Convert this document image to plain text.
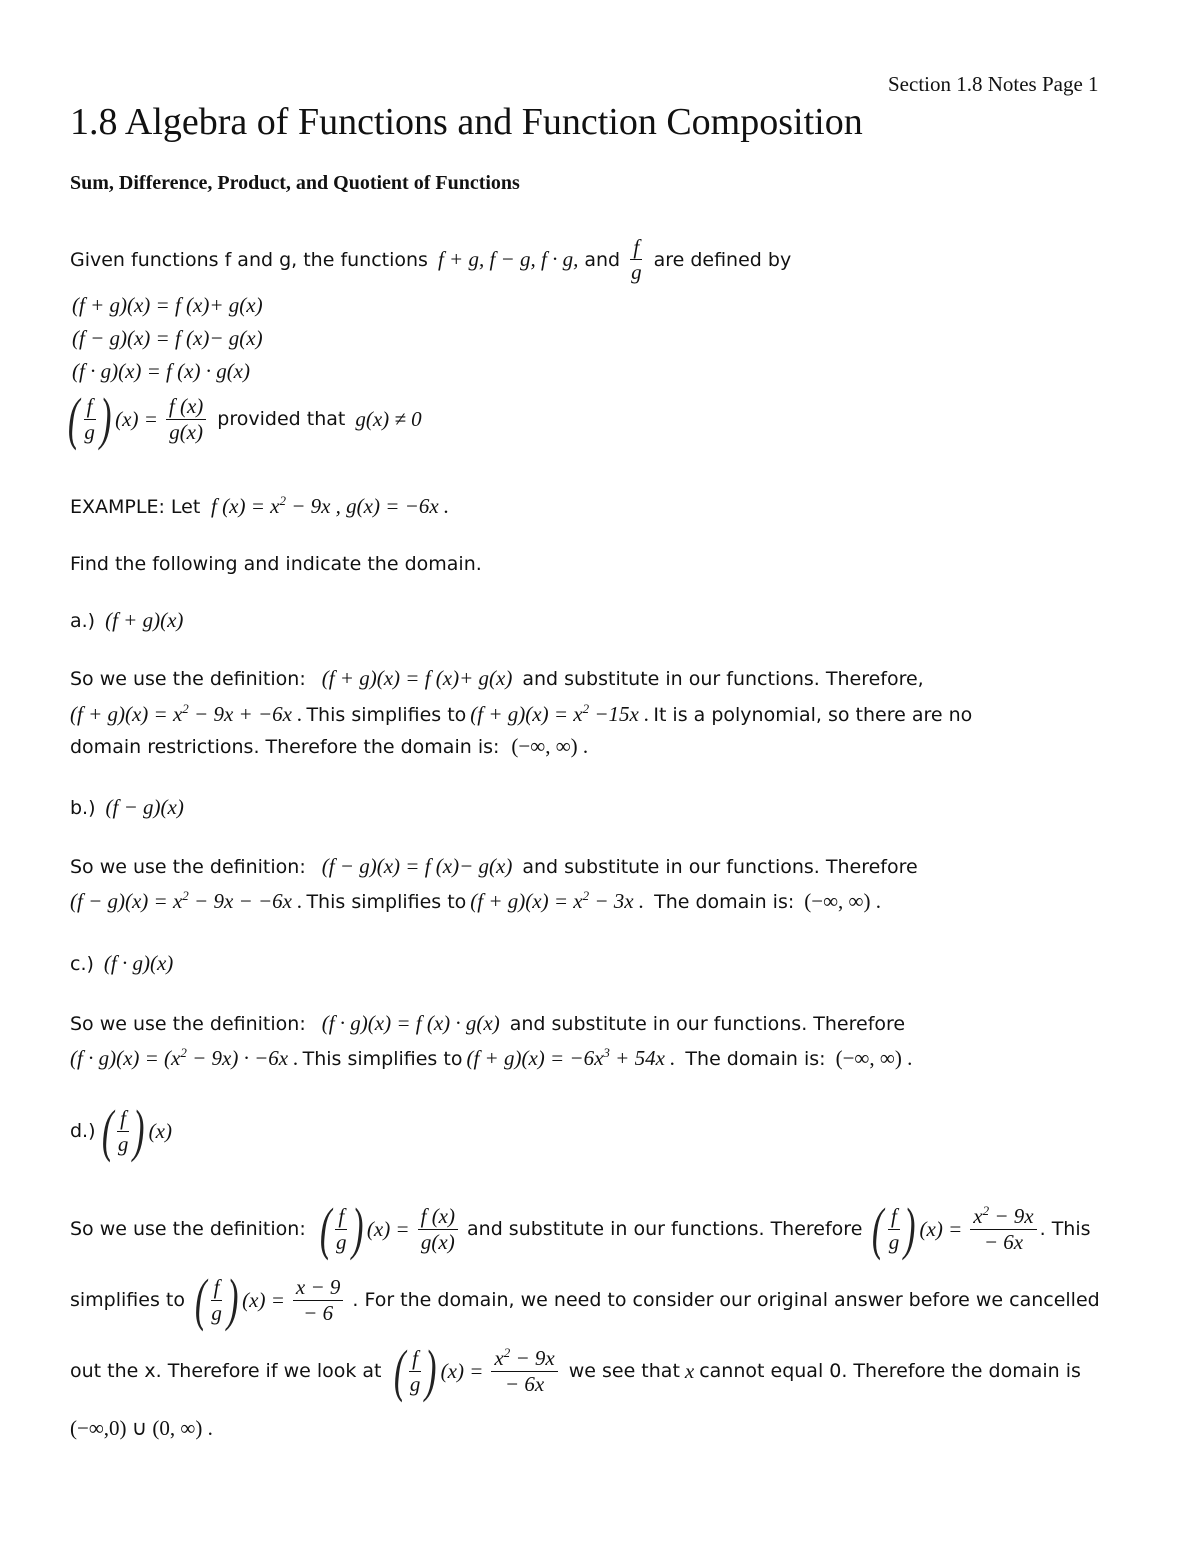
Section 1.8 Notes Page 1
1.8 Algebra of Functions and Function Composition
Sum, Difference, Product, and Quotient of Functions
Given functions f and g, the functions f + g, f − g, f · g, and $\frac{f}{g}$ are defined by
(f + g)(x) = f (x)+ g(x)
(f − g)(x) = f (x)− g(x)
(f · g)(x) = f (x) · g(x)
( $\frac{f}{g}$ ) $(x) = \frac{f (x)}{g(x)}$ provided that g(x) ≠ 0
EXAMPLE: Let f $(x) = x^2 - 9x$ , g(x) = −6x .
Find the following and indicate the domain.
a.) (f + g)(x)
So we use the definition: (f + g)(x) = f (x)+ g(x) and substitute in our functions. Therefore,
$(f + g)(x) = x^2 - 9x + -6x$ . This simplifies to $(f + g)(x) = x^2 -15x$ . It is a polynomial, so there are no
domain restrictions. Therefore the domain is: (−∞, ∞) .
b.) (f − g)(x)
So we use the definition: (f − g)(x) = f (x)− g(x) and substitute in our functions. Therefore
$(f - g)(x) = x^2 - 9x - -6x$ . This simplifies to $(f + g)(x) = x^2 - 3x$ . The domain is: (−∞, ∞) .
c.) (f · g)(x)
So we use the definition: (f · g)(x) = f (x) · g(x) and substitute in our functions. Therefore
$(f \cdot g)(x) = (x^2 - 9x) \cdot -6x$ . This simplifies to $(f + g)(x) = -6x^3 + 54x$ . The domain is: (−∞, ∞) .
d.) ( $\frac{f}{g}$ ) (x)
So we use the definition: ( $\frac{f}{g}$ ) $(x) = \frac{f (x)}{g(x)}$ and substitute in our functions. Therefore ( $\frac{f}{g}$ ) $(x) = \frac{x^2 - 9x}{- 6x}$ . This
simplifies to ( $\frac{f}{g}$ ) $(x) = \frac{x - 9}{- 6}$ . For the domain, we need to consider our original answer before we cancelled
out the x. Therefore if we look at ( $\frac{f}{g}$ ) $(x) = \frac{x^2 - 9x}{- 6x}$ we see that x cannot equal 0. Therefore the domain is
(−∞,0) ∪ (0, ∞) .
